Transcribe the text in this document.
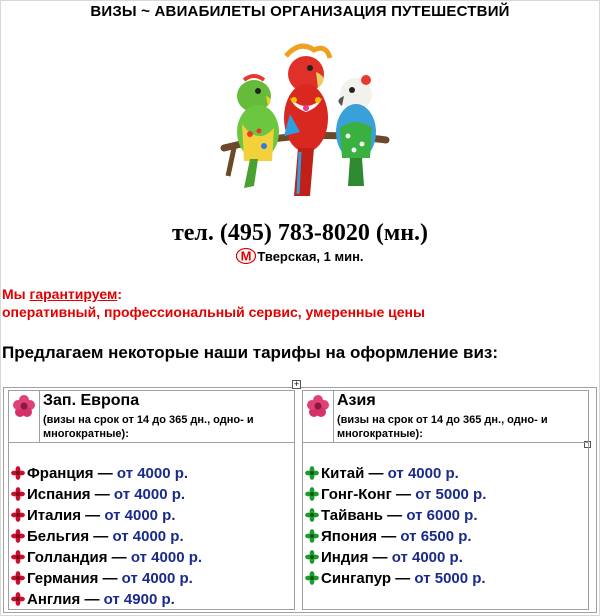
ВИЗЫ ~ АВИАБИЛЕТЫ ОРГАНИЗАЦИЯ ПУТЕШЕСТВИЙ
тел. (495) 783-8020 (мн.)
M Тверская, 1 мин.
Мы гарантируем:
оперативный, профессиональный сервис, умеренные цены
Предлагаем некоторые наши тарифы на оформление виз:
+
Зап. Европа
(визы на срок от 14 до 365 дн., одно- и многократные):
Франция — от 4000 р.
Испания — от 4000 р.
Италия — от 4000 р.
Бельгия — от 4000 р.
Голландия — от 4000 р.
Германия — от 4000 р.
Англия — от 4900 р.
Азия
(визы на срок от 14 до 365 дн., одно- и многократные):
Китай — от 4000 р.
Гонг-Конг — от 5000 р.
Тайвань — от 6000 р.
Япония — от 6500 р.
Индия — от 4000 р.
Сингапур — от 5000 р.
